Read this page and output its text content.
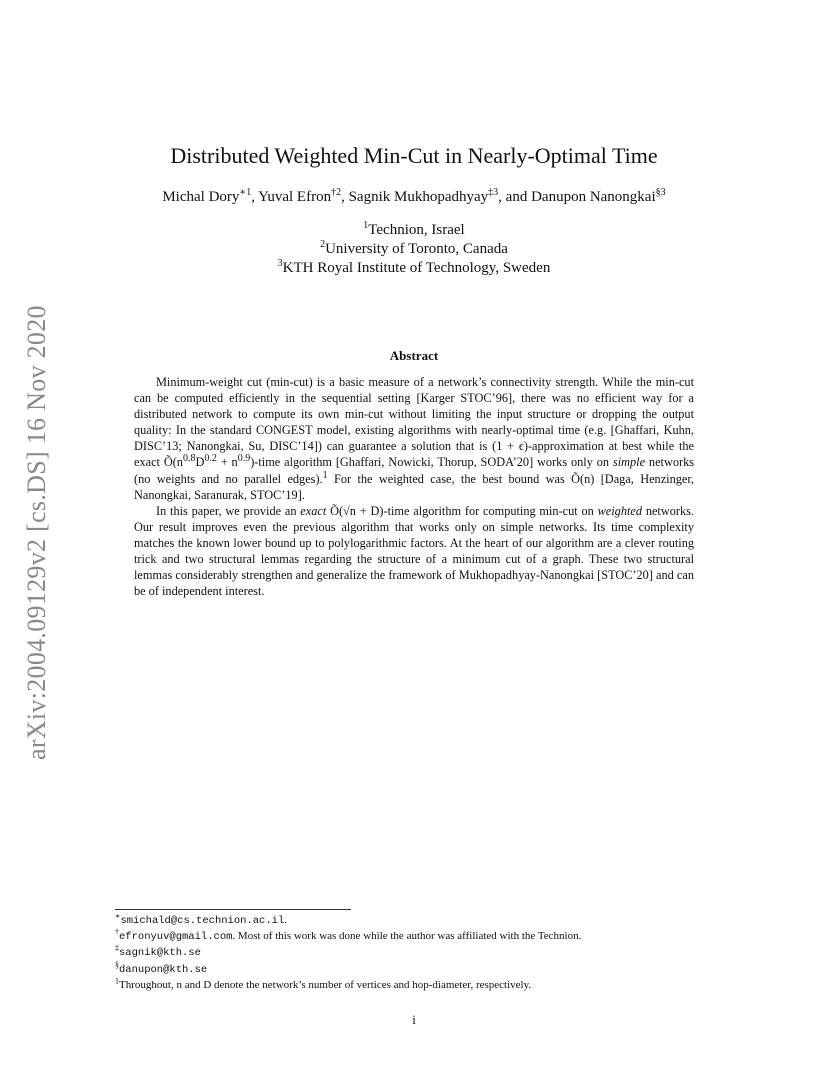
arXiv:2004.09129v2 [cs.DS] 16 Nov 2020
Distributed Weighted Min-Cut in Nearly-Optimal Time
Michal Dory$^{∗1}$, Yuval Efron$^{\dagger 2}$, Sagnik Mukhopadhyay$^{\ddagger 3}$, and Danupon Nanongkai$^{\S 3}$
$^1$Technion, Israel
$^2$University of Toronto, Canada
$^3$KTH Royal Institute of Technology, Sweden
Abstract

Minimum-weight cut (min-cut) is a basic measure of a network’s connectivity strength. While the min-cut can be computed efficiently in the sequential setting [Karger STOC’96], there was no efficient way for a distributed network to compute its own min-cut without limiting the input structure or dropping the output quality: In the standard CONGEST model, existing algorithms with nearly-optimal time (e.g. [Ghaffari, Kuhn, DISC’13; Nanongkai, Su, DISC’14]) can guarantee a solution that is (1 + ϵ)-approximation at best while the exact $Õ(n^{0.8}D^{0.2}$ + $n^{0.9}$)-time algorithm [Ghaffari, Nowicki, Thorup, SODA’20] works only on simple networks (no weights and no parallel edges).$^1$ For the weighted case, the best bound was Õ(n) [Daga, Henzinger, Nanongkai, Saranurak, STOC’19].

In this paper, we provide an exact Õ(√n + D)-time algorithm for computing min-cut on weighted networks. Our result improves even the previous algorithm that works only on simple networks. Its time complexity matches the known lower bound up to polylogarithmic factors. At the heart of our algorithm are a clever routing trick and two structural lemmas regarding the structure of a minimum cut of a graph. These two structural lemmas considerably strengthen and generalize the framework of Mukhopadhyay-Nanongkai [STOC’20] and can be of independent interest.

∗smichald@cs.technion.ac.il.
†efronyuv@gmail.com. Most of this work was done while the author was affiliated with the Technion.
‡sagnik@kth.se
§danupon@kth.se
$^1$Throughout, n and D denote the network’s number of vertices and hop-diameter, respectively.
i
